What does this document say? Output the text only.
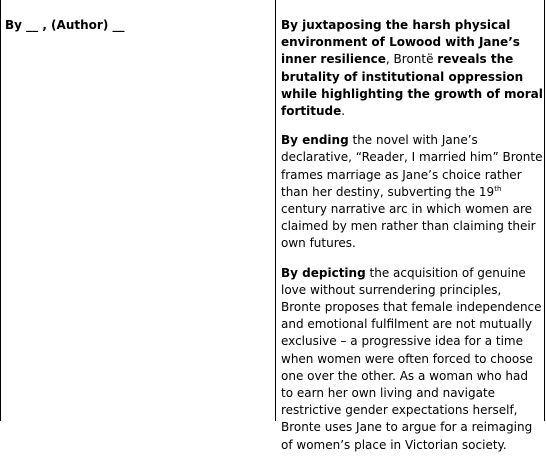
By __ , (Author) __	By juxtaposing the harsh physical environment of Lowood with Jane’s inner resilience, Brontë reveals the brutality of institutional oppression while highlighting the growth of moral fortitude.

By ending the novel with Jane’s declarative, “Reader, I married him” Bronte frames marriage as Jane’s choice rather than her destiny, subverting the 19th century narrative arc in which women are claimed by men rather than claiming their own futures.

By depicting the acquisition of genuine love without surrendering principles, Bronte proposes that female independence and emotional fulfilment are not mutually exclusive – a progressive idea for a time when women were often forced to choose one over the other. As a woman who had to earn her own living and navigate restrictive gender expectations herself, Bronte uses Jane to argue for a reimaging of women’s place in Victorian society.
